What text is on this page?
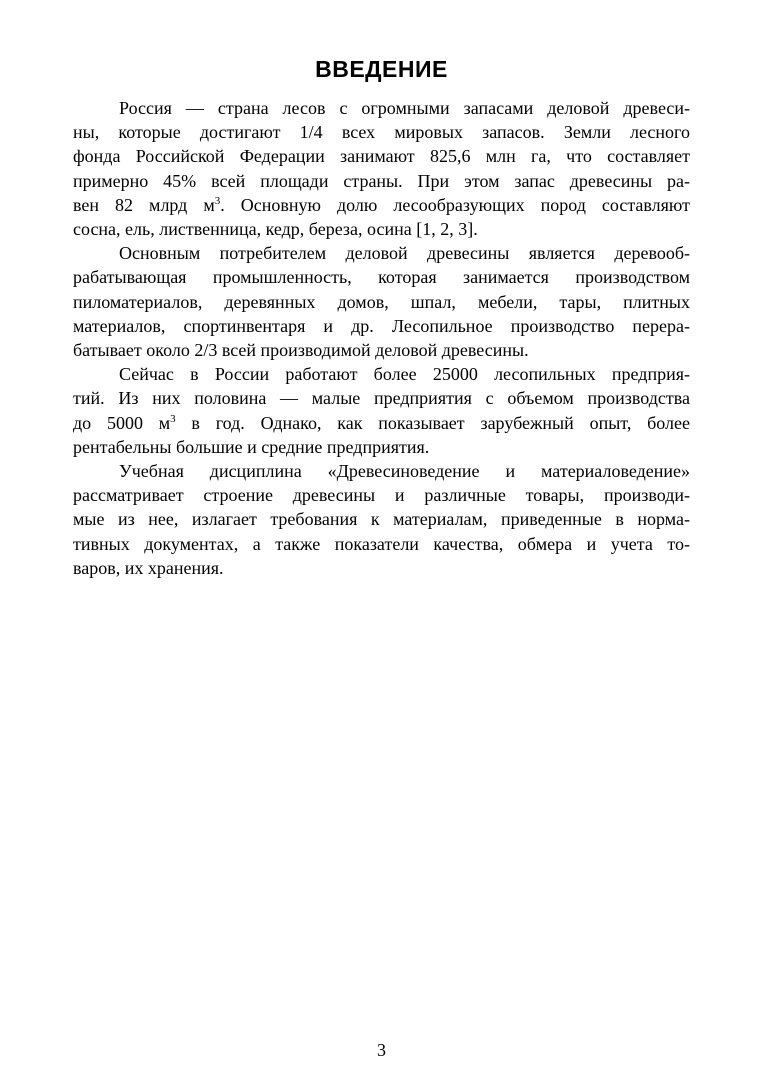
ВВЕДЕНИЕ

Россия — страна лесов с огромными запасами деловой древеси-
ны, которые достигают 1/4 всех мировых запасов. Земли лесного
фонда Российской Федерации занимают 825,6 млн га, что составляет
примерно 45% всей площади страны. При этом запас древесины ра-
вен 82 млрд $м^3$. Основную долю лесообразующих пород составляют
сосна, ель, лиственница, кедр, береза, осина [1, 2, 3].

Основным потребителем деловой древесины является деревооб-
рабатывающая промышленность, которая занимается производством
пиломатериалов, деревянных домов, шпал, мебели, тары, плитных
материалов, спортинвентаря и др. Лесопильное производство перера-
батывает около 2/3 всей производимой деловой древесины.

Сейчас в России работают более 25000 лесопильных предприя-
тий. Из них половина — малые предприятия с объемом производства
до 5000 $м^3$ в год. Однако, как показывает зарубежный опыт, более
рентабельны большие и средние предприятия.

Учебная дисциплина «Древесиноведение и материаловедение»
рассматривает строение древесины и различные товары, производи-
мые из нее, излагает требования к материалам, приведенные в норма-
тивных документах, а также показатели качества, обмера и учета то-
варов, их хранения.

3
